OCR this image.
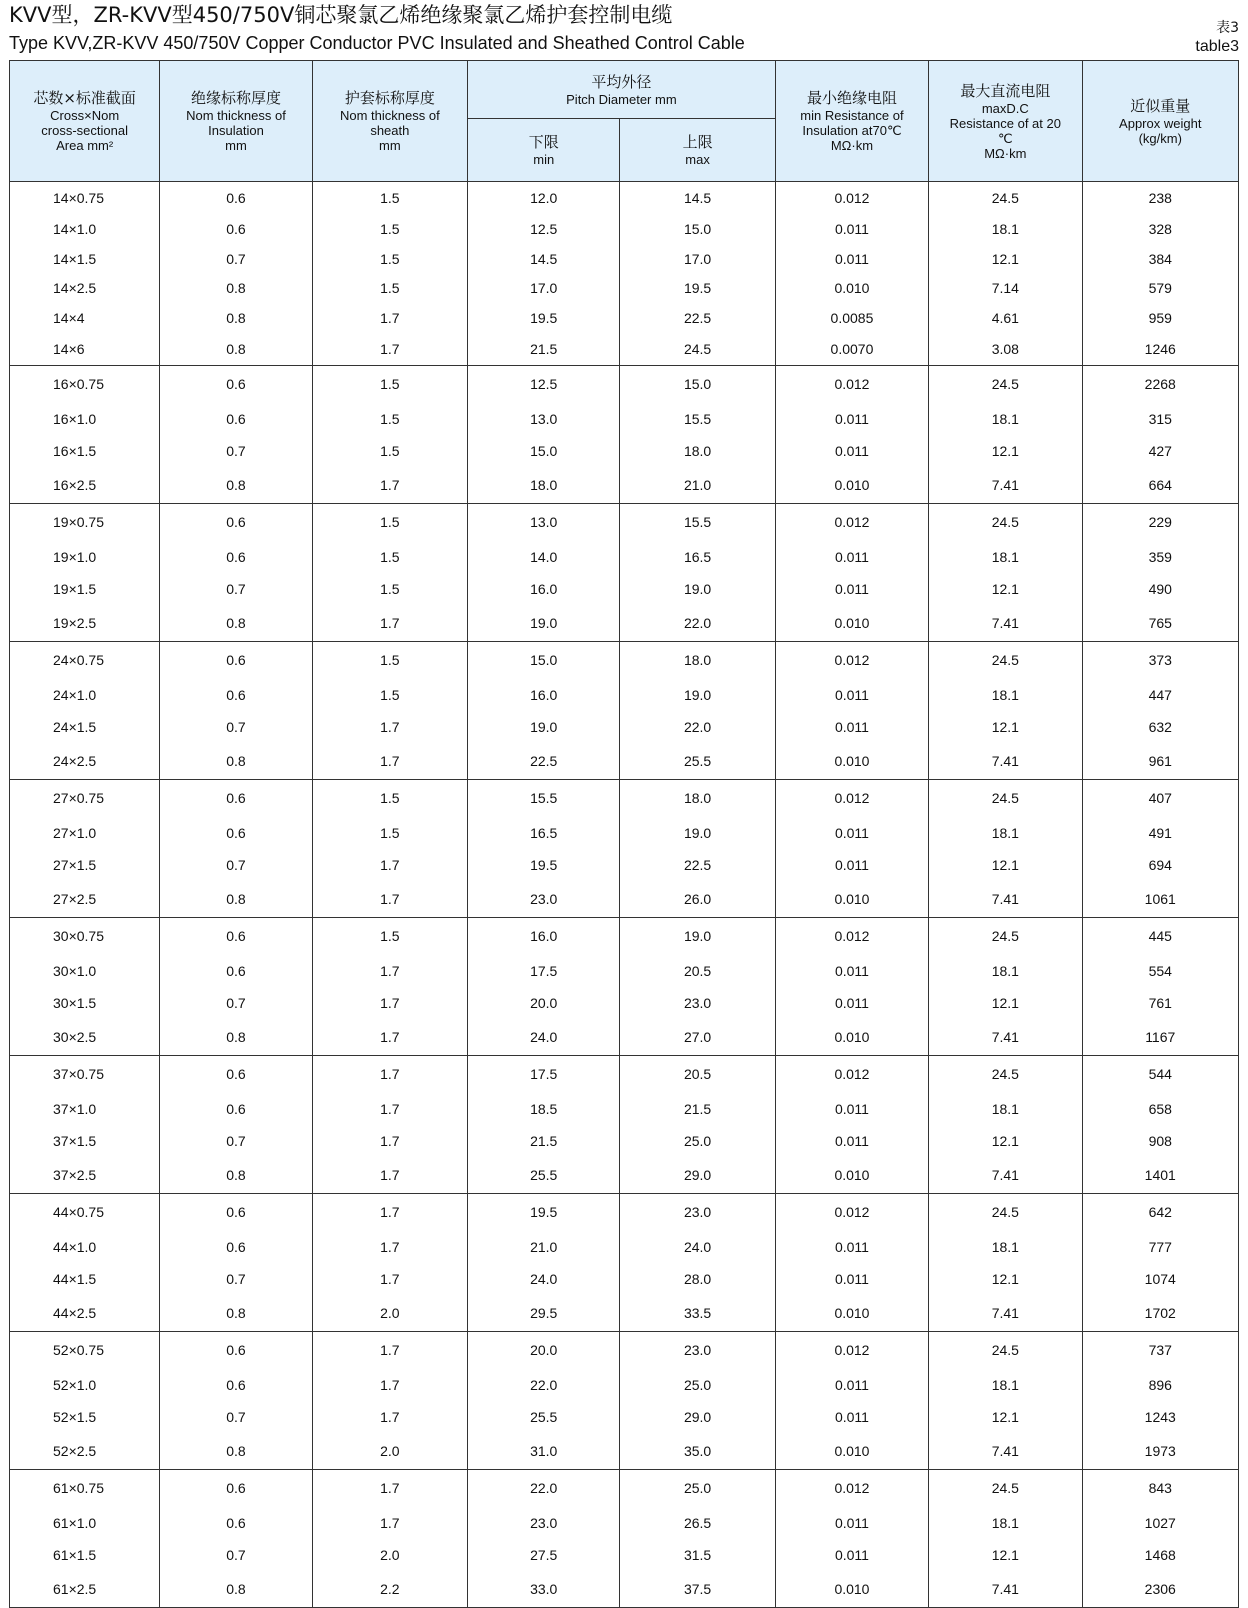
KVV型，ZR-KVV型450/750V铜芯聚氯乙烯绝缘聚氯乙烯护套控制电缆
Type KVV,ZR-KVV 450/750V Copper Conductor PVC Insulated and Sheathed Control Cable
表3
table3
芯数×标准截面
Cross×Nom
cross-sectional
Area mm²	绝缘标称厚度
Nom thickness of
Insulation
mm	护套标称厚度
Nom thickness of
sheath
mm	平均外径
Pitch Diameter mm		最小绝缘电阻
min Resistance of
Insulation at70℃
MΩ·km	最大直流电阻
maxD.C
Resistance of at 20
℃
MΩ·km	近似重量
Approx weight
(kg/km)

			下限
min	上限
max			

14×0.75	0.6	1.5	12.0	14.5	0.012	24.5	238
14×1.0	0.6	1.5	12.5	15.0	0.011	18.1	328
14×1.5	0.7	1.5	14.5	17.0	0.011	12.1	384
14×2.5	0.8	1.5	17.0	19.5	0.010	7.14	579
14×4	0.8	1.7	19.5	22.5	0.0085	4.61	959
14×6	0.8	1.7	21.5	24.5	0.0070	3.08	1246
16×0.75	0.6	1.5	12.5	15.0	0.012	24.5	2268
16×1.0	0.6	1.5	13.0	15.5	0.011	18.1	315
16×1.5	0.7	1.5	15.0	18.0	0.011	12.1	427
16×2.5	0.8	1.7	18.0	21.0	0.010	7.41	664
19×0.75	0.6	1.5	13.0	15.5	0.012	24.5	229
19×1.0	0.6	1.5	14.0	16.5	0.011	18.1	359
19×1.5	0.7	1.5	16.0	19.0	0.011	12.1	490
19×2.5	0.8	1.7	19.0	22.0	0.010	7.41	765
24×0.75	0.6	1.5	15.0	18.0	0.012	24.5	373
24×1.0	0.6	1.5	16.0	19.0	0.011	18.1	447
24×1.5	0.7	1.7	19.0	22.0	0.011	12.1	632
24×2.5	0.8	1.7	22.5	25.5	0.010	7.41	961
27×0.75	0.6	1.5	15.5	18.0	0.012	24.5	407
27×1.0	0.6	1.5	16.5	19.0	0.011	18.1	491
27×1.5	0.7	1.7	19.5	22.5	0.011	12.1	694
27×2.5	0.8	1.7	23.0	26.0	0.010	7.41	1061
30×0.75	0.6	1.5	16.0	19.0	0.012	24.5	445
30×1.0	0.6	1.7	17.5	20.5	0.011	18.1	554
30×1.5	0.7	1.7	20.0	23.0	0.011	12.1	761
30×2.5	0.8	1.7	24.0	27.0	0.010	7.41	1167
37×0.75	0.6	1.7	17.5	20.5	0.012	24.5	544
37×1.0	0.6	1.7	18.5	21.5	0.011	18.1	658
37×1.5	0.7	1.7	21.5	25.0	0.011	12.1	908
37×2.5	0.8	1.7	25.5	29.0	0.010	7.41	1401
44×0.75	0.6	1.7	19.5	23.0	0.012	24.5	642
44×1.0	0.6	1.7	21.0	24.0	0.011	18.1	777
44×1.5	0.7	1.7	24.0	28.0	0.011	12.1	1074
44×2.5	0.8	2.0	29.5	33.5	0.010	7.41	1702
52×0.75	0.6	1.7	20.0	23.0	0.012	24.5	737
52×1.0	0.6	1.7	22.0	25.0	0.011	18.1	896
52×1.5	0.7	1.7	25.5	29.0	0.011	12.1	1243
52×2.5	0.8	2.0	31.0	35.0	0.010	7.41	1973
61×0.75	0.6	1.7	22.0	25.0	0.012	24.5	843
61×1.0	0.6	1.7	23.0	26.5	0.011	18.1	1027
61×1.5	0.7	2.0	27.5	31.5	0.011	12.1	1468
61×2.5	0.8	2.2	33.0	37.5	0.010	7.41	2306
